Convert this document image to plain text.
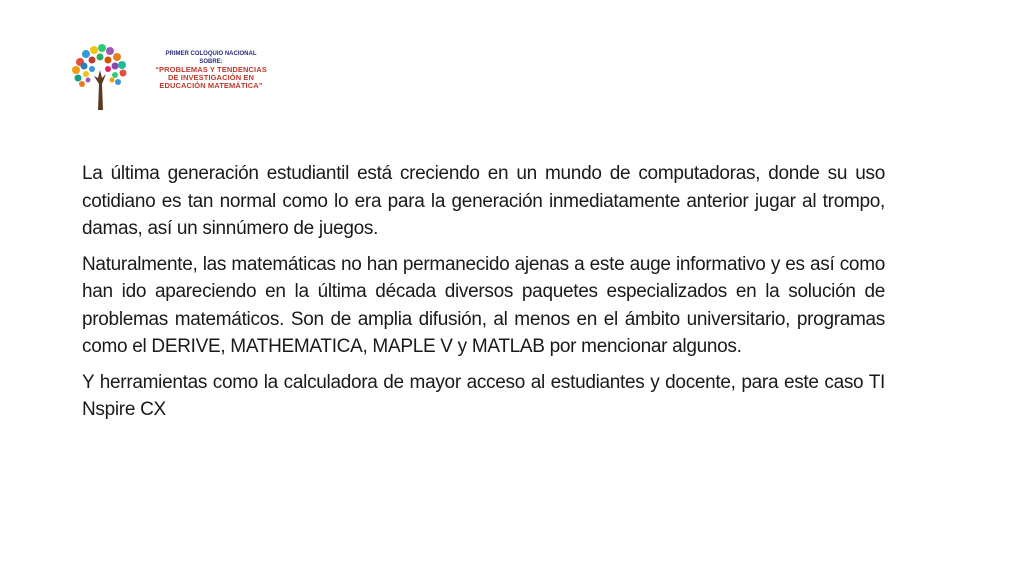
PRIMER COLOQUIO NACIONAL
SOBRE:
“PROBLEMAS Y TENDENCIAS
DE INVESTIGACIÓN EN
EDUCACIÓN MATEMÁTICA”

La última generación estudiantil está creciendo en un mundo de computadoras, donde su uso cotidiano es tan normal como lo era para la generación inmediatamente anterior jugar al trompo, damas, así un sinnúmero de juegos.

Naturalmente, las matemáticas no han permanecido ajenas a este auge informativo y es así como han ido apareciendo en la última década diversos paquetes especializados en la solución de problemas matemáticos. Son de amplia difusión, al menos en el ámbito universitario, programas como el DERIVE, MATHEMATICA, MAPLE V y MATLAB por mencionar algunos.

Y herramientas como la calculadora de mayor acceso al estudiantes y docente, para este caso TI Nspire CX
